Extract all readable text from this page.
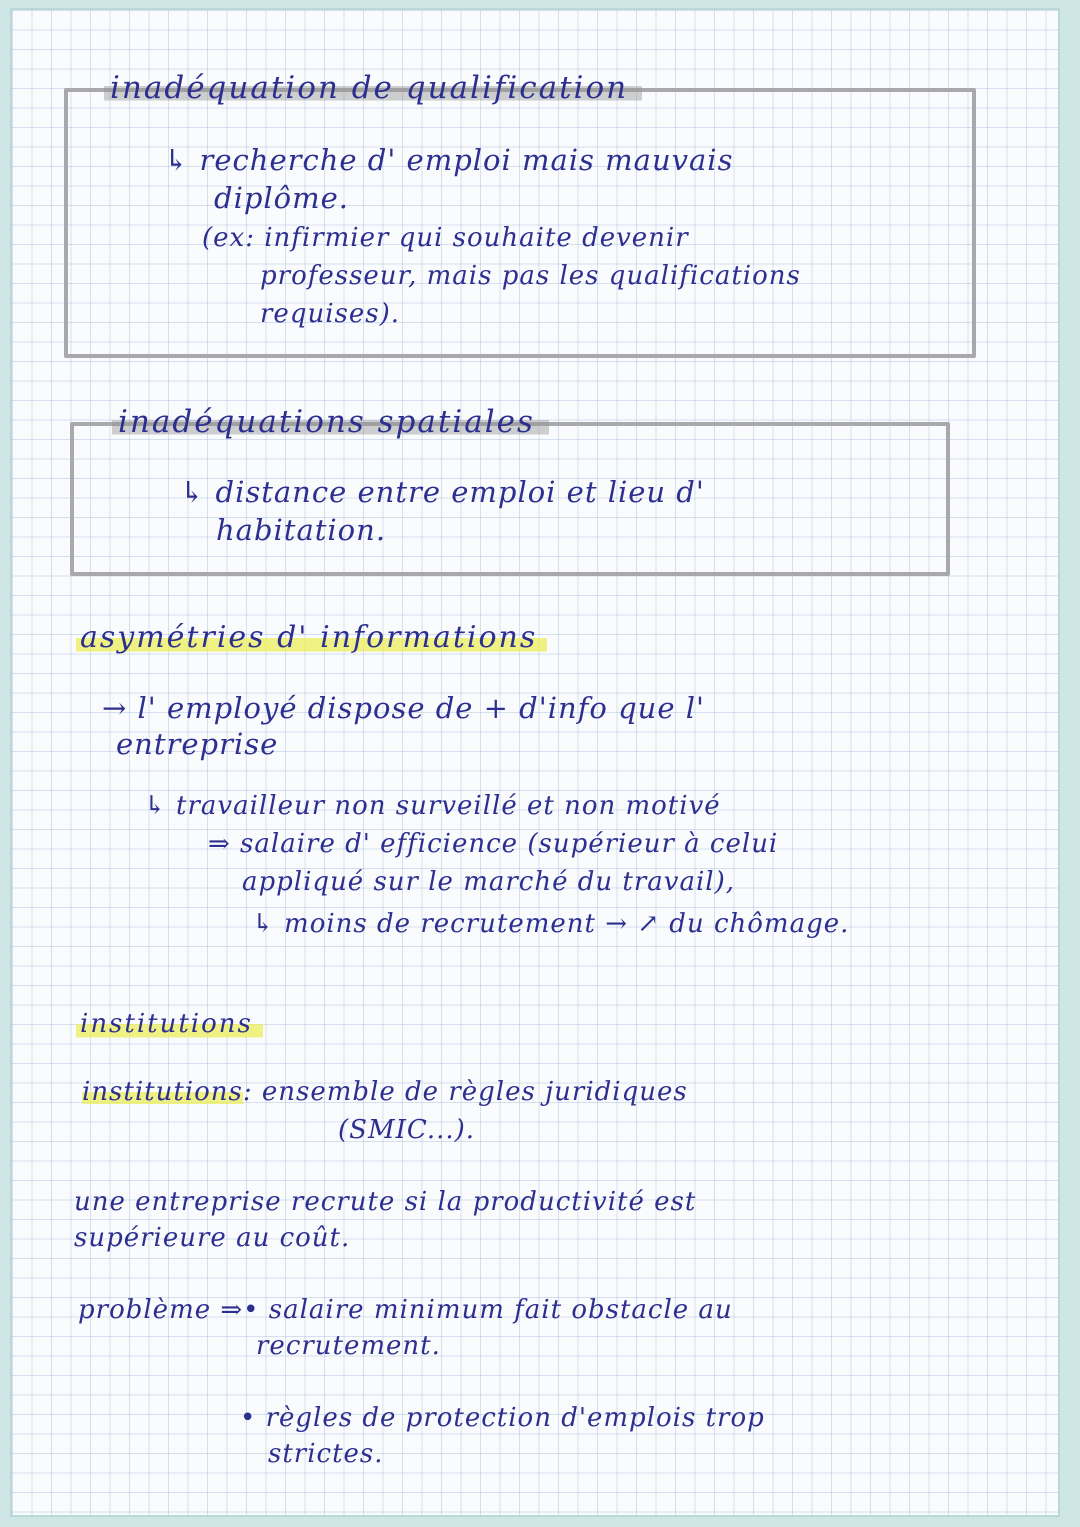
inadéquation de qualification
↳ recherche d' emploi mais mauvais
diplôme.
(ex: infirmier qui souhaite devenir
professeur, mais pas les qualifications
requises).
inadéquations spatiales
↳ distance entre emploi et lieu d'
habitation.
asymétries d' informations
→ l' employé dispose de + d'info que l'
entreprise
↳ travailleur non surveillé et non motivé
⇒ salaire d' efficience (supérieur à celui
appliqué sur le marché du travail),
↳ moins de recrutement → ↗ du chômage.
institutions
institutions: ensemble de règles juridiques
(SMIC...).
une entreprise recrute si la productivité est
supérieure au coût.
problème ⇒• salaire minimum fait obstacle au
recrutement.
• règles de protection d'emplois trop
strictes.
